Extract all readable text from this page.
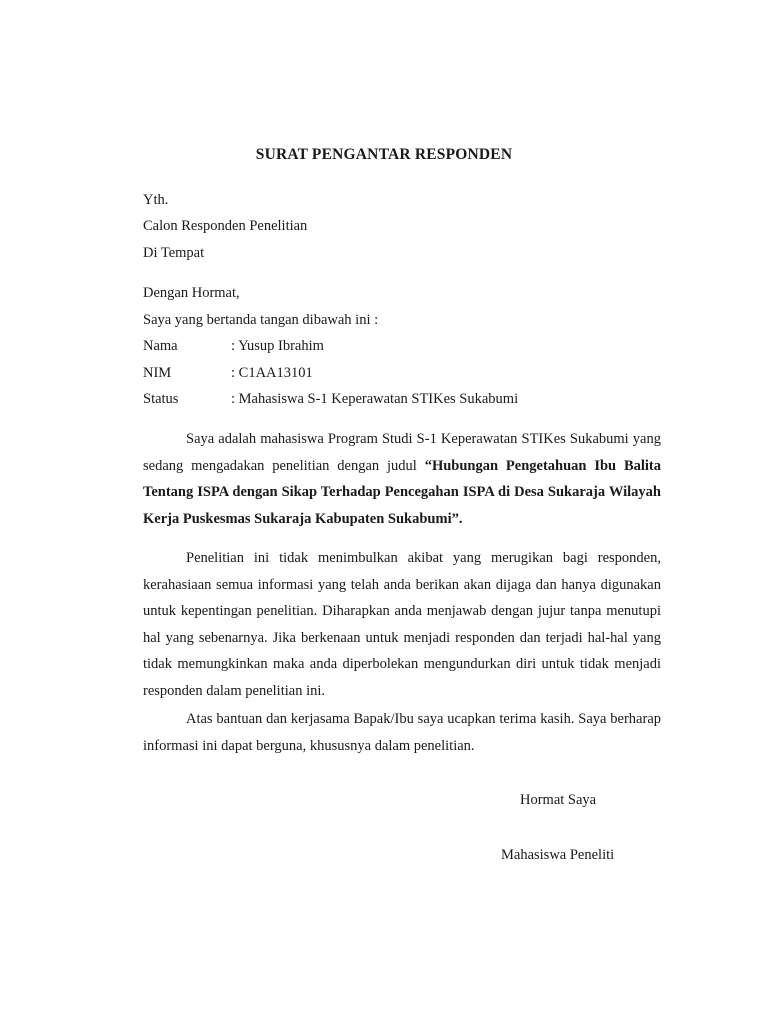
SURAT PENGANTAR RESPONDEN
Yth.
Calon Responden Penelitian
Di Tempat
Dengan Hormat,
Saya yang bertanda tangan dibawah ini :
Nama	: Yusup Ibrahim
NIM	: C1AA13101
Status	: Mahasiswa S-1 Keperawatan STIKes Sukabumi
Saya adalah mahasiswa Program Studi S-1 Keperawatan STIKes Sukabumi yang sedang mengadakan penelitian dengan judul “Hubungan Pengetahuan Ibu Balita Tentang ISPA dengan Sikap Terhadap Pencegahan ISPA di Desa Sukaraja Wilayah Kerja Puskesmas Sukaraja Kabupaten Sukabumi”.
Penelitian ini tidak menimbulkan akibat yang merugikan bagi responden, kerahasiaan semua informasi yang telah anda berikan akan dijaga dan hanya digunakan untuk kepentingan penelitian. Diharapkan anda menjawab dengan jujur tanpa menutupi hal yang sebenarnya. Jika berkenaan untuk menjadi responden dan terjadi hal-hal yang tidak memungkinkan maka anda diperbolekan mengundurkan diri untuk tidak menjadi responden dalam penelitian ini.
Atas bantuan dan kerjasama Bapak/Ibu saya ucapkan terima kasih. Saya berharap informasi ini dapat berguna, khususnya dalam penelitian.
Hormat Saya
Mahasiswa Peneliti
